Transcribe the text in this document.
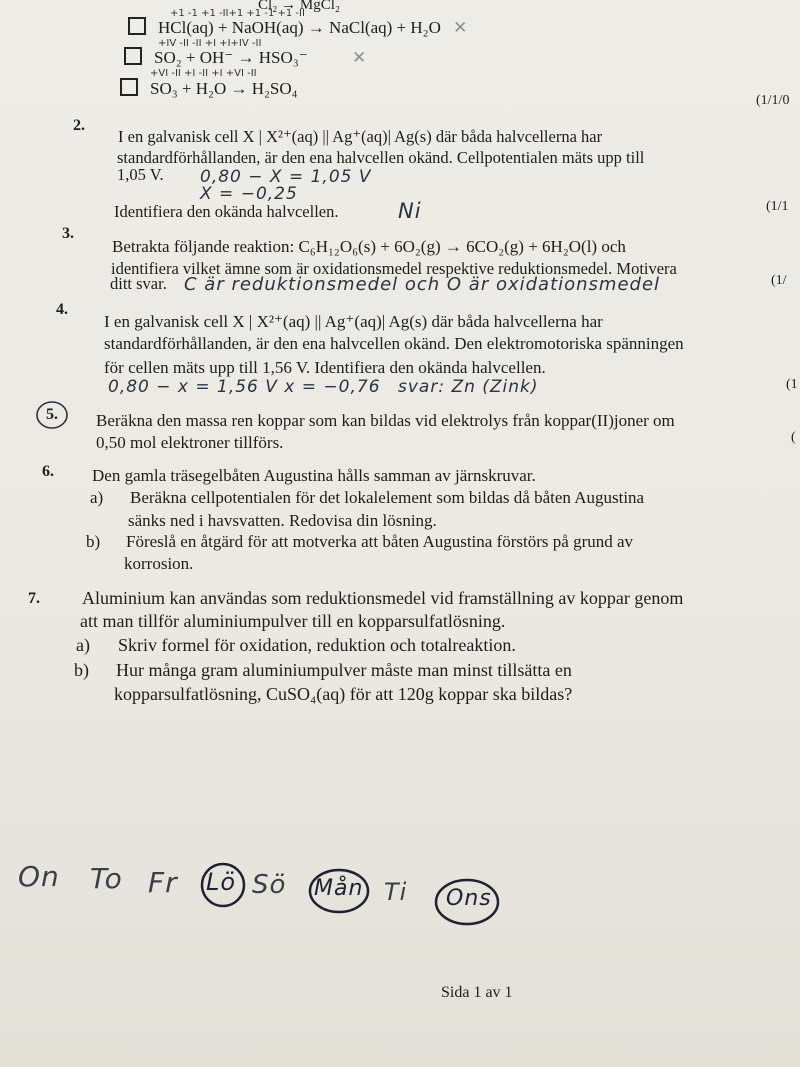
Cl₂ → MgCl₂
+1 -1 +1 -II+1 +1 -1 +1 -II
HCl(aq) + NaOH(aq) → NaCl(aq) + H₂O ✕
+IV -II -II +I +I+IV -II
SO₂ + OH⁻ → HSO₃⁻	✕
+VI -II +I -II +I +VI -II
SO₃ + H₂O → H₂SO₄
(1/1/0
2.
I en galvanisk cell X | X²⁺(aq) || Ag⁺(aq)| Ag(s) där båda halvcellerna har
standardförhållanden, är den ena halvcellen okänd. Cellpotentialen mäts upp till
1,05 V. 0,80 − X = 1,05 V
X = −0,25
Identifiera den okända halvcellen.	Ni	(1/1
3.
Betrakta följande reaktion: C₆H₁₂O₆(s) + 6O₂(g) → 6CO₂(g) + 6H₂O(l) och
identifiera vilket ämne som är oxidationsmedel respektive reduktionsmedel. Motivera
ditt svar. C är reduktionsmedel och O är oxidationsmedel	(1/
4.
I en galvanisk cell X | X²⁺(aq) || Ag⁺(aq)| Ag(s) där båda halvcellerna har
standardförhållanden, är den ena halvcellen okänd. Den elektromotoriska spänningen
för cellen mäts upp till 1,56 V. Identifiera den okända halvcellen.
0,80 − x = 1,56 V x = −0,76 svar: Zn (Zink)	(1
5. Beräkna den massa ren koppar som kan bildas vid elektrolys från koppar(II)joner om
0,50 mol elektroner tillförs.	(
6. Den gamla träsegelbåten Augustina hålls samman av järnskruvar.
a) Beräkna cellpotentialen för det lokalelement som bildas då båten Augustina
sänks ned i havsvatten. Redovisa din lösning.
b) Föreslå en åtgärd för att motverka att båten Augustina förstörs på grund av
korrosion.
7. Aluminium kan användas som reduktionsmedel vid framställning av koppar genom
att man tillför aluminiumpulver till en kopparsulfatlösning.
a) Skriv formel för oxidation, reduktion och totalreaktion.
b) Hur många gram aluminiumpulver måste man minst tillsätta en
kopparsulfatlösning, CuSO₄(aq) för att 120g koppar ska bildas?
On To Fr Lö Sö Mån Ti Ons
Sida 1 av 1
